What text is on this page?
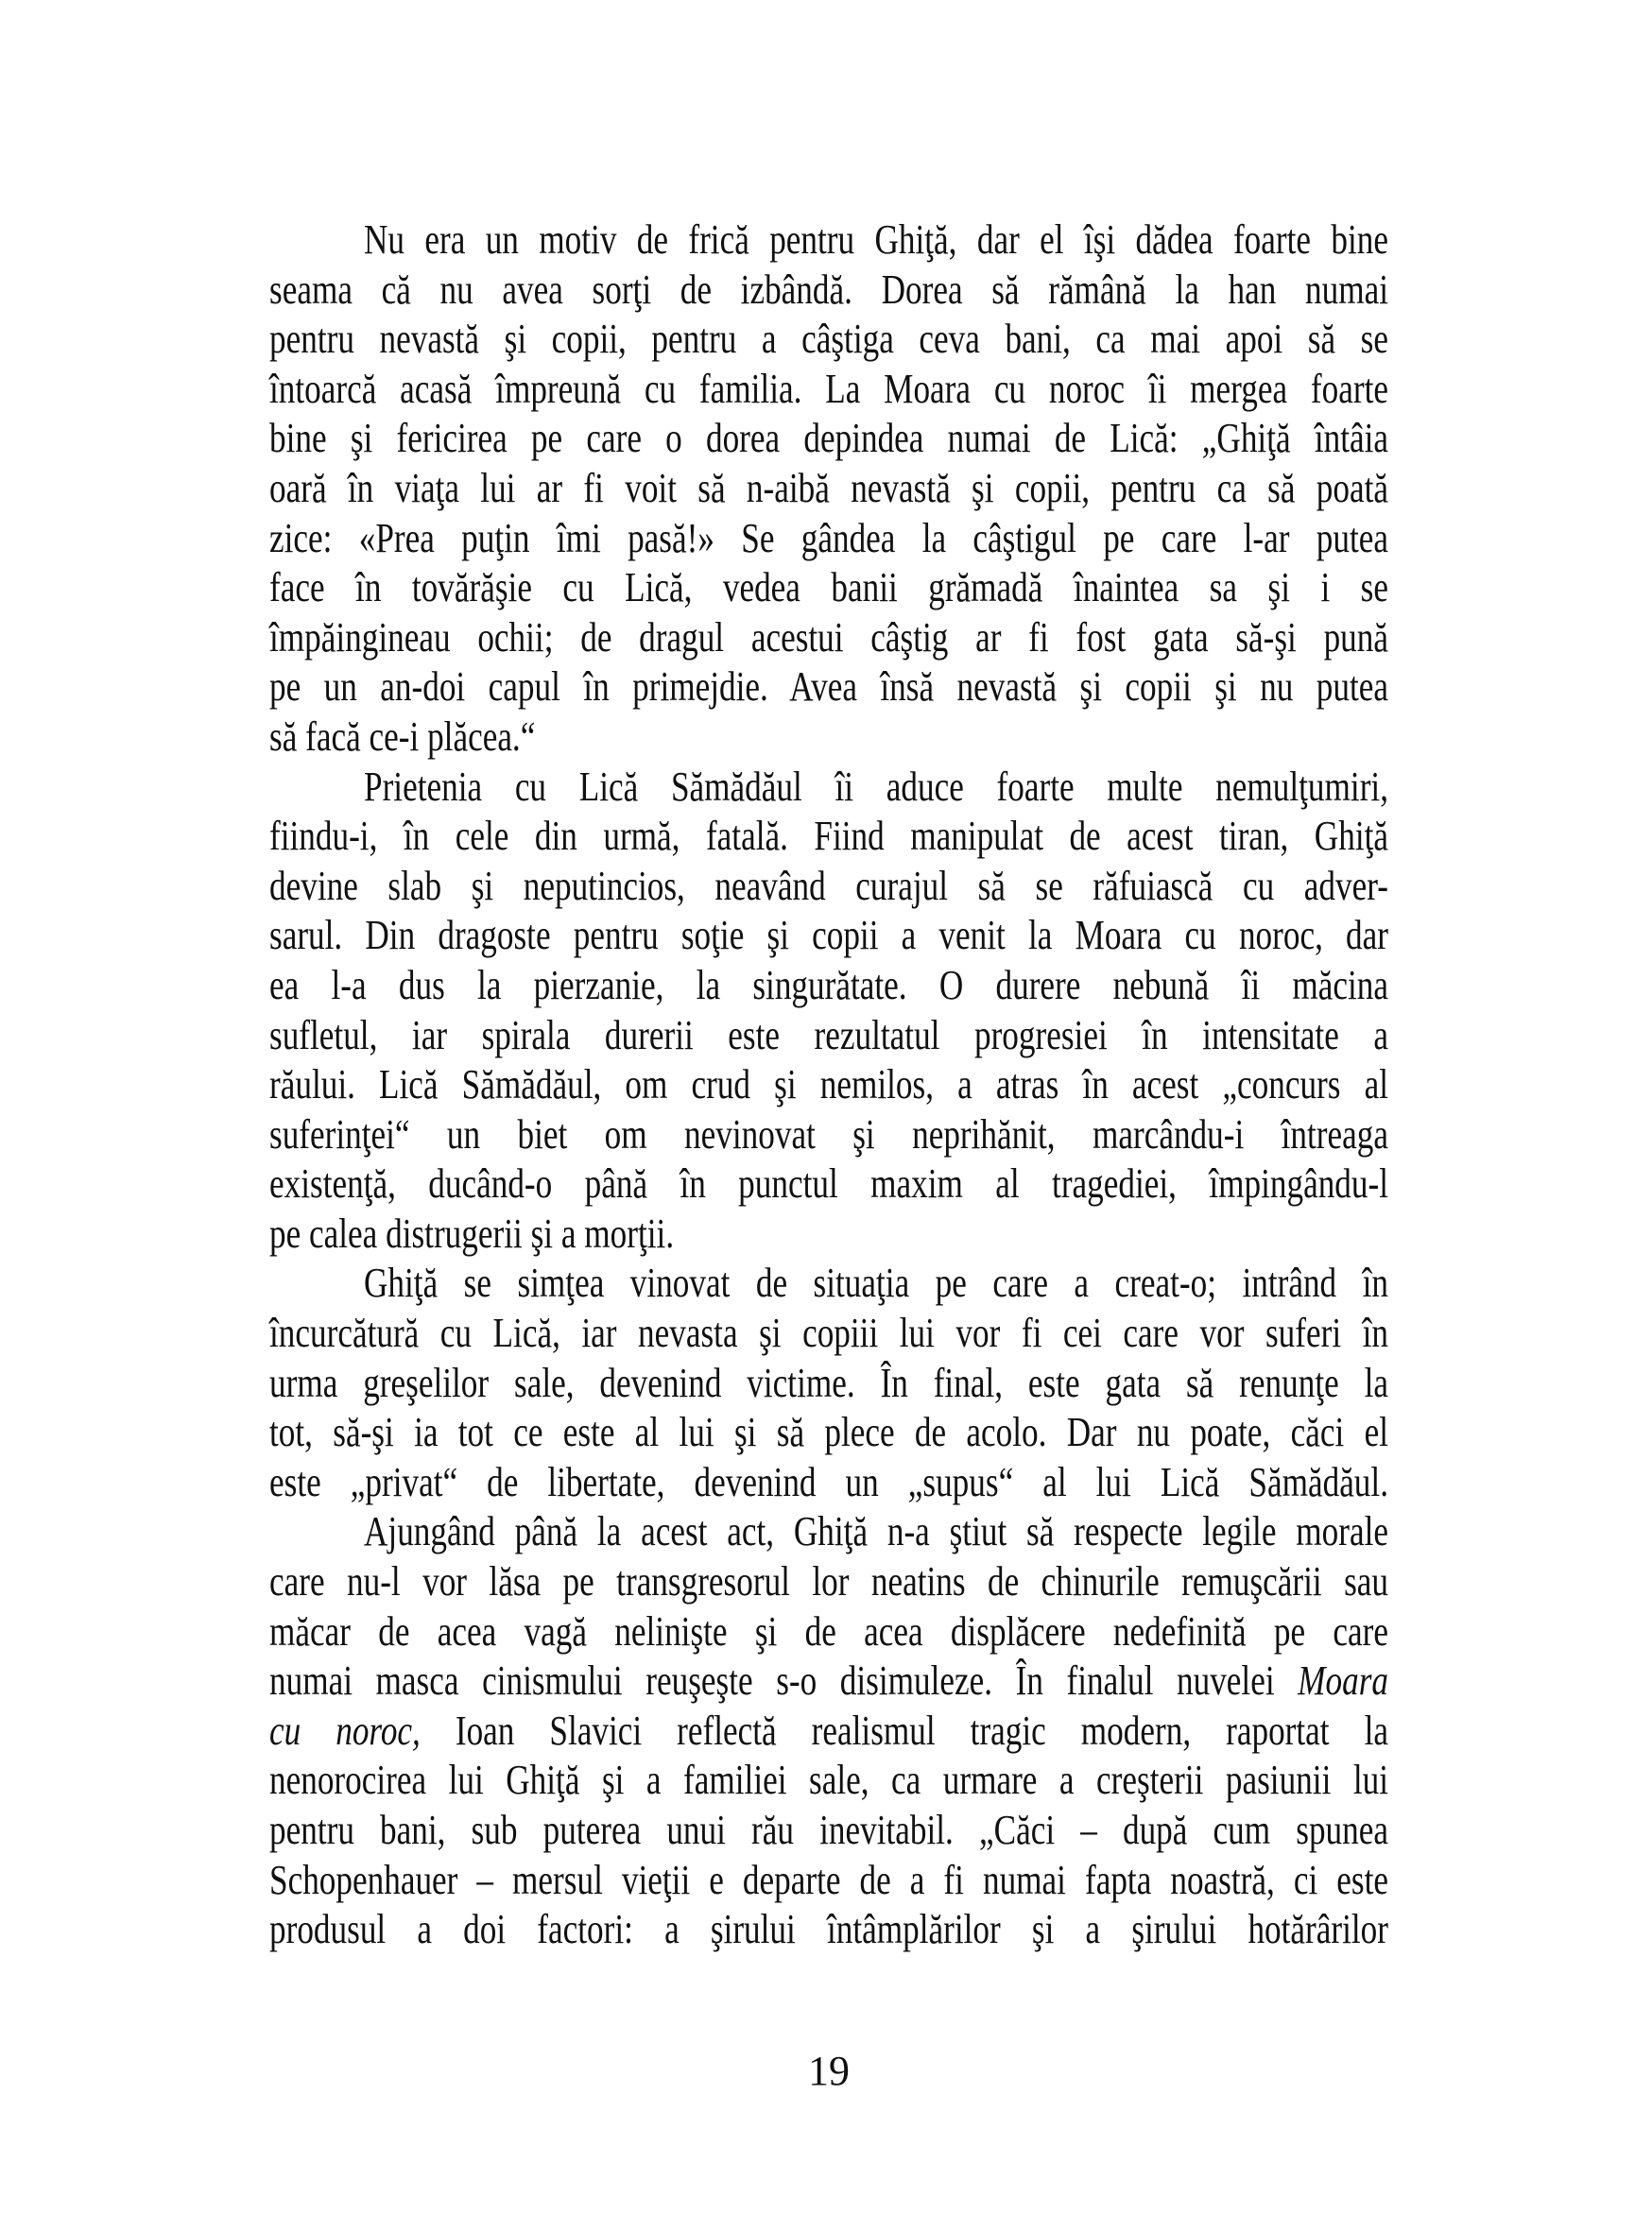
Nu era un motiv de frică pentru Ghiţă, dar el îşi dădea foarte bine
seama că nu avea sorţi de izbândă. Dorea să rămână la han numai
pentru nevastă şi copii, pentru a câştiga ceva bani, ca mai apoi să se
întoarcă acasă împreună cu familia. La Moara cu noroc îi mergea foarte
bine şi fericirea pe care o dorea depindea numai de Lică: „Ghiţă întâia
oară în viaţa lui ar fi voit să n-aibă nevastă şi copii, pentru ca să poată
zice: «Prea puţin îmi pasă!» Se gândea la câştigul pe care l-ar putea
face în tovărăşie cu Lică, vedea banii grămadă înaintea sa şi i se
împăingineau ochii; de dragul acestui câştig ar fi fost gata să-şi pună
pe un an-doi capul în primejdie. Avea însă nevastă şi copii şi nu putea
să facă ce-i plăcea.“
Prietenia cu Lică Sămădăul îi aduce foarte multe nemulţumiri,
fiindu-i, în cele din urmă, fatală. Fiind manipulat de acest tiran, Ghiţă
devine slab şi neputincios, neavând curajul să se răfuiască cu adver-
sarul. Din dragoste pentru soţie şi copii a venit la Moara cu noroc, dar
ea l-a dus la pierzanie, la singurătate. O durere nebună îi măcina
sufletul, iar spirala durerii este rezultatul progresiei în intensitate a
răului. Lică Sămădăul, om crud şi nemilos, a atras în acest „concurs al
suferinţei“ un biet om nevinovat şi neprihănit, marcându-i întreaga
existenţă, ducând-o până în punctul maxim al tragediei, împingându-l
pe calea distrugerii şi a morţii.
Ghiţă se simţea vinovat de situaţia pe care a creat-o; intrând în
încurcătură cu Lică, iar nevasta şi copiii lui vor fi cei care vor suferi în
urma greşelilor sale, devenind victime. În final, este gata să renunţe la
tot, să-şi ia tot ce este al lui şi să plece de acolo. Dar nu poate, căci el
este „privat“ de libertate, devenind un „supus“ al lui Lică Sămădăul.
Ajungând până la acest act, Ghiţă n-a ştiut să respecte legile morale
care nu-l vor lăsa pe transgresorul lor neatins de chinurile remuşcării sau
măcar de acea vagă nelinişte şi de acea displăcere nedefinită pe care
numai masca cinismului reuşeşte s-o disimuleze. În finalul nuvelei Moara
cu noroc, Ioan Slavici reflectă realismul tragic modern, raportat la
nenorocirea lui Ghiţă şi a familiei sale, ca urmare a creşterii pasiunii lui
pentru bani, sub puterea unui rău inevitabil. „Căci – după cum spunea
Schopenhauer – mersul vieţii e departe de a fi numai fapta noastră, ci este
produsul a doi factori: a şirului întâmplărilor şi a şirului hotărârilor
19
